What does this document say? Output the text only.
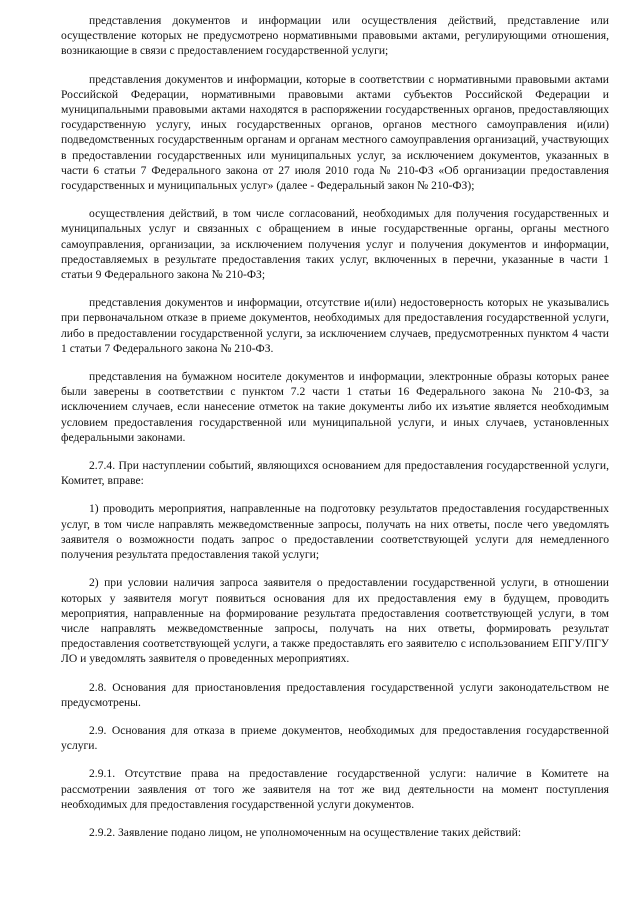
представления документов и информации или осуществления действий, представление или осуществление которых не предусмотрено нормативными правовыми актами, регулирующими отношения, возникающие в связи с предоставлением государственной услуги;

представления документов и информации, которые в соответствии с нормативными правовыми актами Российской Федерации, нормативными правовыми актами субъектов Российской Федерации и муниципальными правовыми актами находятся в распоряжении государственных органов, предоставляющих государственную услугу, иных государственных органов, органов местного самоуправления и(или) подведомственных государственным органам и органам местного самоуправления организаций, участвующих в предоставлении государственных или муниципальных услуг, за исключением документов, указанных в части 6 статьи 7 Федерального закона от 27 июля 2010 года № 210-ФЗ «Об организации предоставления государственных и муниципальных услуг» (далее - Федеральный закон № 210-ФЗ);

осуществления действий, в том числе согласований, необходимых для получения государственных и муниципальных услуг и связанных с обращением в иные государственные органы, органы местного самоуправления, организации, за исключением получения услуг и получения документов и информации, предоставляемых в результате предоставления таких услуг, включенных в перечни, указанные в части 1 статьи 9 Федерального закона № 210-ФЗ;

представления документов и информации, отсутствие и(или) недостоверность которых не указывались при первоначальном отказе в приеме документов, необходимых для предоставления государственной услуги, либо в предоставлении государственной услуги, за исключением случаев, предусмотренных пунктом 4 части 1 статьи 7 Федерального закона № 210-ФЗ.

представления на бумажном носителе документов и информации, электронные образы которых ранее были заверены в соответствии с пунктом 7.2 части 1 статьи 16 Федерального закона № 210-ФЗ, за исключением случаев, если нанесение отметок на такие документы либо их изъятие является необходимым условием предоставления государственной или муниципальной услуги, и иных случаев, установленных федеральными законами.

2.7.4. При наступлении событий, являющихся основанием для предоставления государственной услуги, Комитет, вправе:

1) проводить мероприятия, направленные на подготовку результатов предоставления государственных услуг, в том числе направлять межведомственные запросы, получать на них ответы, после чего уведомлять заявителя о возможности подать запрос о предоставлении соответствующей услуги для немедленного получения результата предоставления такой услуги;

2) при условии наличия запроса заявителя о предоставлении государственной услуги, в отношении которых у заявителя могут появиться основания для их предоставления ему в будущем, проводить мероприятия, направленные на формирование результата предоставления соответствующей услуги, в том числе направлять межведомственные запросы, получать на них ответы, формировать результат предоставления соответствующей услуги, а также предоставлять его заявителю с использованием ЕПГУ/ПГУ ЛО и уведомлять заявителя о проведенных мероприятиях.

2.8. Основания для приостановления предоставления государственной услуги законодательством не предусмотрены.

2.9. Основания для отказа в приеме документов, необходимых для предоставления государственной услуги.

2.9.1. Отсутствие права на предоставление государственной услуги: наличие в Комитете на рассмотрении заявления от того же заявителя на тот же вид деятельности на момент поступления необходимых для предоставления государственной услуги документов.

2.9.2. Заявление подано лицом, не уполномоченным на осуществление таких действий:
